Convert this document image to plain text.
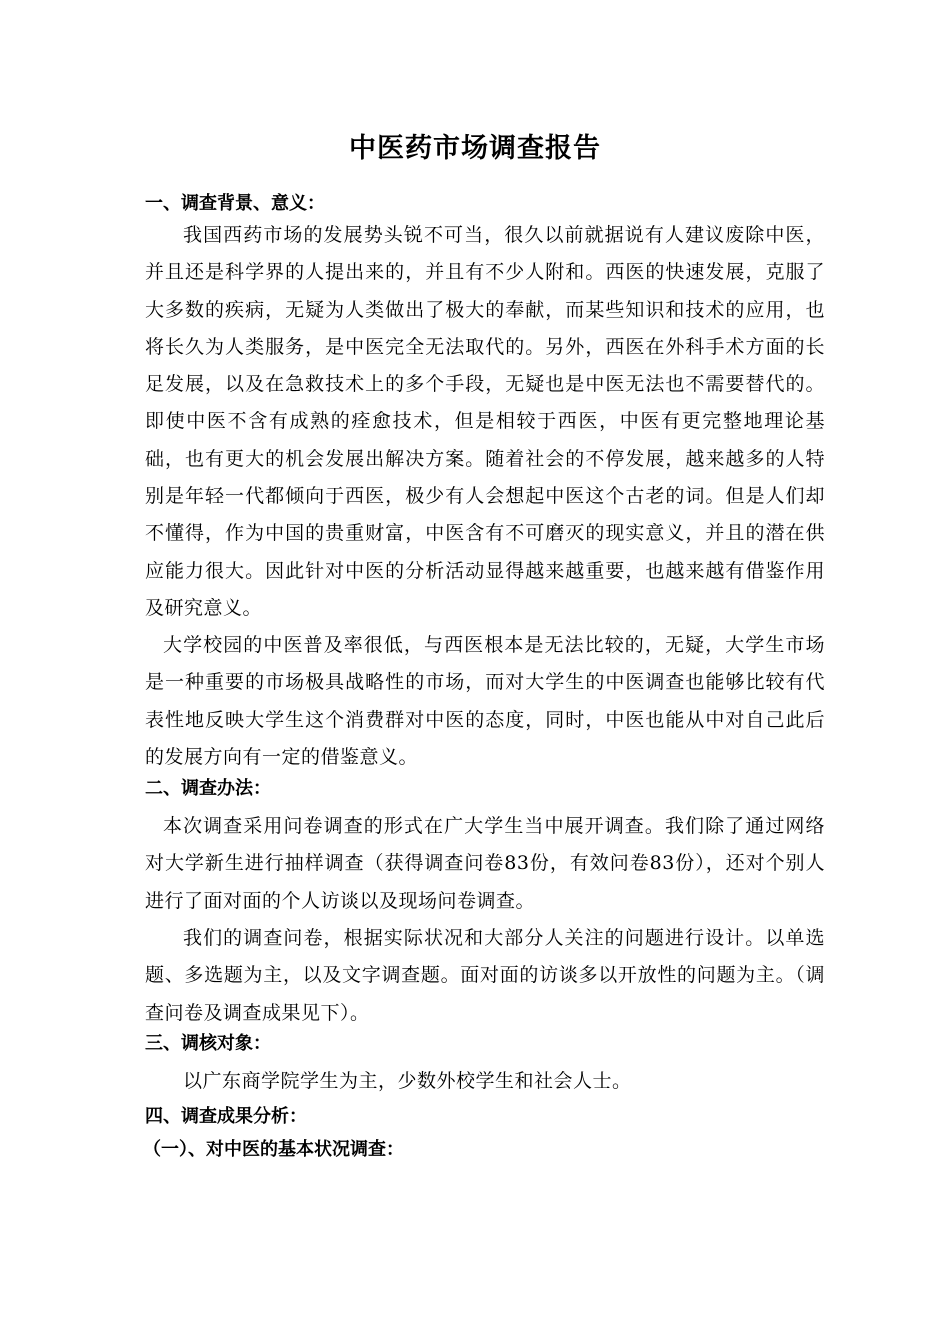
中医药市场调查报告
一、调查背景、意义：
我国西药市场的发展势头锐不可当，很久以前就据说有人建议废除中医，并且还是科学界的人提出来的，并且有不少人附和。西医的快速发展，克服了大多数的疾病，无疑为人类做出了极大的奉献，而某些知识和技术的应用，也将长久为人类服务，是中医完全无法取代的。另外，西医在外科手术方面的长足发展，以及在急救技术上的多个手段，无疑也是中医无法也不需要替代的。即使中医不含有成熟的痊愈技术，但是相较于西医，中医有更完整地理论基础，也有更大的机会发展出解决方案。随着社会的不停发展，越来越多的人特别是年轻一代都倾向于西医，极少有人会想起中医这个古老的词。但是人们却不懂得，作为中国的贵重财富，中医含有不可磨灭的现实意义，并且的潜在供应能力很大。因此针对中医的分析活动显得越来越重要，也越来越有借鉴作用及研究意义。
大学校园的中医普及率很低，与西医根本是无法比较的，无疑，大学生市场是一种重要的市场极具战略性的市场，而对大学生的中医调查也能够比较有代表性地反映大学生这个消费群对中医的态度，同时，中医也能从中对自己此后的发展方向有一定的借鉴意义。
二、调查办法：
本次调查采用问卷调查的形式在广大学生当中展开调查。我们除了通过网络对大学新生进行抽样调查（获得调查问卷83份，有效问卷83份），还对个别人进行了面对面的个人访谈以及现场问卷调查。
我们的调查问卷，根据实际状况和大部分人关注的问题进行设计。以单选题、多选题为主，以及文字调查题。面对面的访谈多以开放性的问题为主。（调查问卷及调查成果见下）。
三、调核对象：
以广东商学院学生为主，少数外校学生和社会人士。
四、调查成果分析：
（一）、对中医的基本状况调查：
